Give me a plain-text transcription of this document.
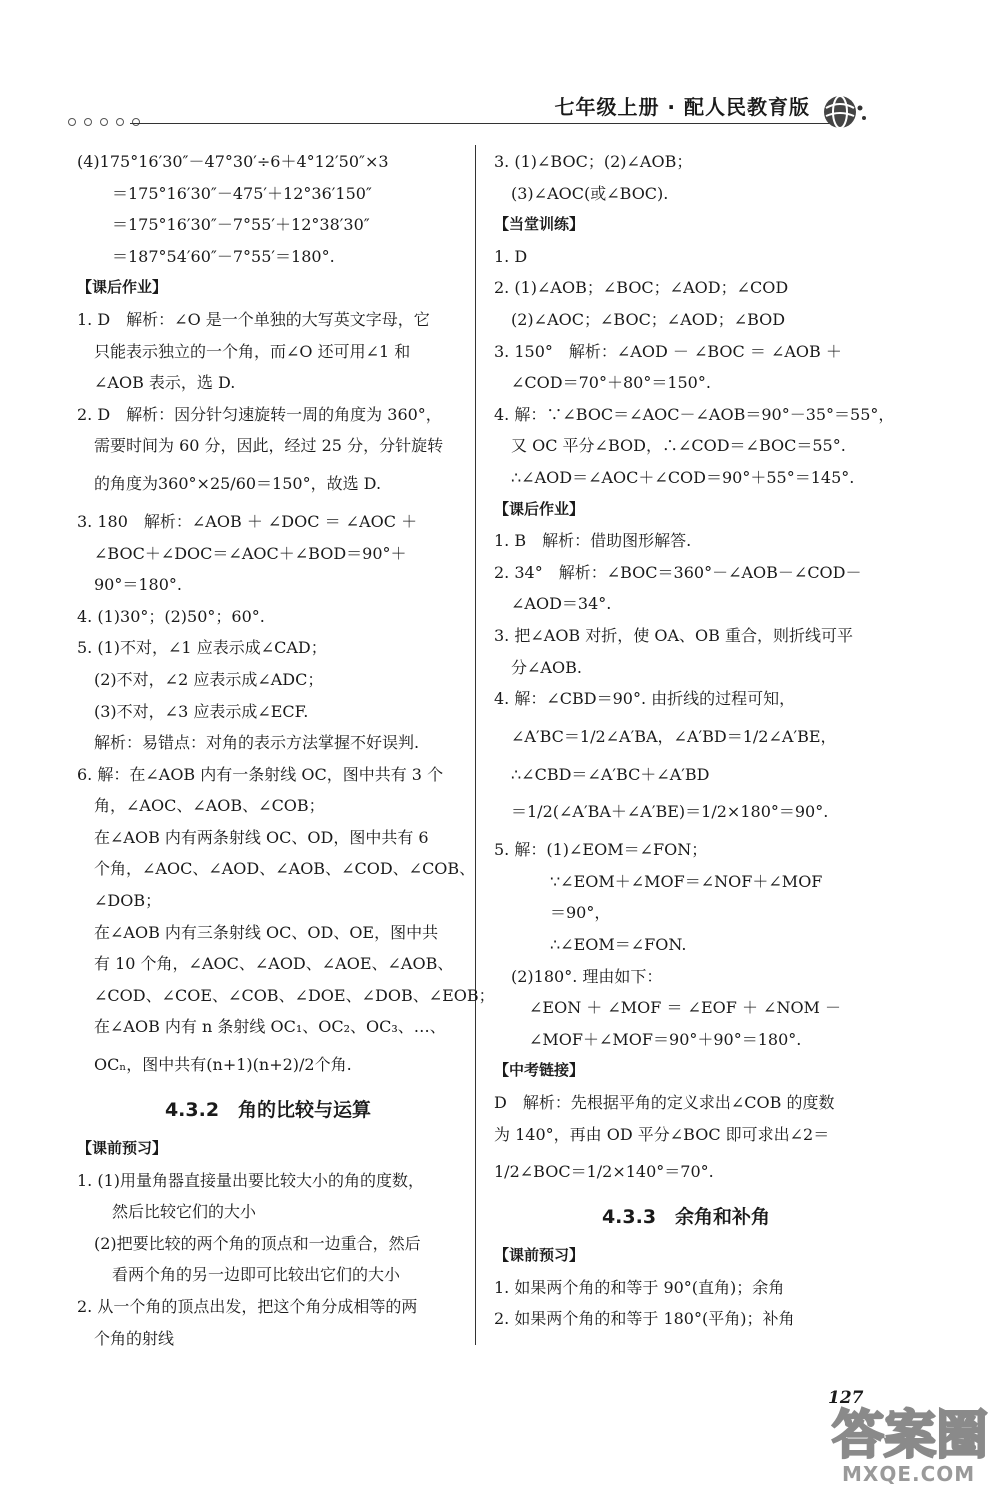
七年级上册 · 配人民教育版
(4)175°16′30″－47°30′÷6＋4°12′50″×3
＝175°16′30″－475′＋12°36′150″
＝175°16′30″－7°55′＋12°38′30″
＝187°54′60″－7°55′＝180°.
【课后作业】
1. D　解析：∠O 是一个单独的大写英文字母，它
只能表示独立的一个角，而∠O 还可用∠1 和
∠AOB 表示，选 D.
2. D　解析：因分针匀速旋转一周的角度为 360°，
需要时间为 60 分，因此，经过 25 分，分针旋转
的角度为360°×25/60＝150°，故选 D.
3. 180　解析：∠AOB ＋ ∠DOC ＝ ∠AOC ＋
∠BOC＋∠DOC＝∠AOC＋∠BOD＝90°＋
90°＝180°.
4. (1)30°；(2)50°；60°.
5. (1)不对，∠1 应表示成∠CAD；
(2)不对，∠2 应表示成∠ADC；
(3)不对，∠3 应表示成∠ECF.
解析：易错点：对角的表示方法掌握不好误判.
6. 解：在∠AOB 内有一条射线 OC，图中共有 3 个
角，∠AOC、∠AOB、∠COB；
在∠AOB 内有两条射线 OC、OD，图中共有 6
个角，∠AOC、∠AOD、∠AOB、∠COD、∠COB、
∠DOB；
在∠AOB 内有三条射线 OC、OD、OE，图中共
有 10 个角，∠AOC、∠AOD、∠AOE、∠AOB、
∠COD、∠COE、∠COB、∠DOE、∠DOB、∠EOB；
在∠AOB 内有 n 条射线 OC₁、OC₂、OC₃、…、
OCₙ，图中共有(n+1)(n+2)/2个角.
4.3.2　角的比较与运算
【课前预习】
1. (1)用量角器直接量出要比较大小的角的度数，
然后比较它们的大小
(2)把要比较的两个角的顶点和一边重合，然后
看两个角的另一边即可比较出它们的大小
2. 从一个角的顶点出发，把这个角分成相等的两
个角的射线
3. (1)∠BOC；(2)∠AOB；
(3)∠AOC(或∠BOC).
【当堂训练】
1. D
2. (1)∠AOB；∠BOC；∠AOD；∠COD
(2)∠AOC；∠BOC；∠AOD；∠BOD
3. 150°　解析：∠AOD － ∠BOC ＝ ∠AOB ＋
∠COD＝70°＋80°＝150°.
4. 解：∵∠BOC＝∠AOC－∠AOB＝90°－35°＝55°，
又 OC 平分∠BOD，∴∠COD＝∠BOC＝55°.
∴∠AOD＝∠AOC＋∠COD＝90°＋55°＝145°.
【课后作业】
1. B　解析：借助图形解答.
2. 34°　解析：∠BOC＝360°－∠AOB－∠COD－
∠AOD＝34°.
3. 把∠AOB 对折，使 OA、OB 重合，则折线可平
分∠AOB.
4. 解：∠CBD＝90°. 由折线的过程可知，
∠A′BC＝1/2∠A′BA，∠A′BD＝1/2∠A′BE，
∴∠CBD＝∠A′BC＋∠A′BD
＝1/2(∠A′BA＋∠A′BE)＝1/2×180°＝90°.
5. 解：(1)∠EOM＝∠FON；
∵∠EOM＋∠MOF＝∠NOF＋∠MOF
＝90°，
∴∠EOM＝∠FON.
(2)180°. 理由如下：
∠EON ＋ ∠MOF ＝ ∠EOF ＋ ∠NOM －
∠MOF＋∠MOF＝90°＋90°＝180°.
【中考链接】
D　解析：先根据平角的定义求出∠COB 的度数
为 140°，再由 OD 平分∠BOC 即可求出∠2＝
1/2∠BOC＝1/2×140°＝70°.
4.3.3　余角和补角
【课前预习】
1. 如果两个角的和等于 90°(直角)；余角
2. 如果两个角的和等于 180°(平角)；补角
127
答案圈
MXQE.COM
